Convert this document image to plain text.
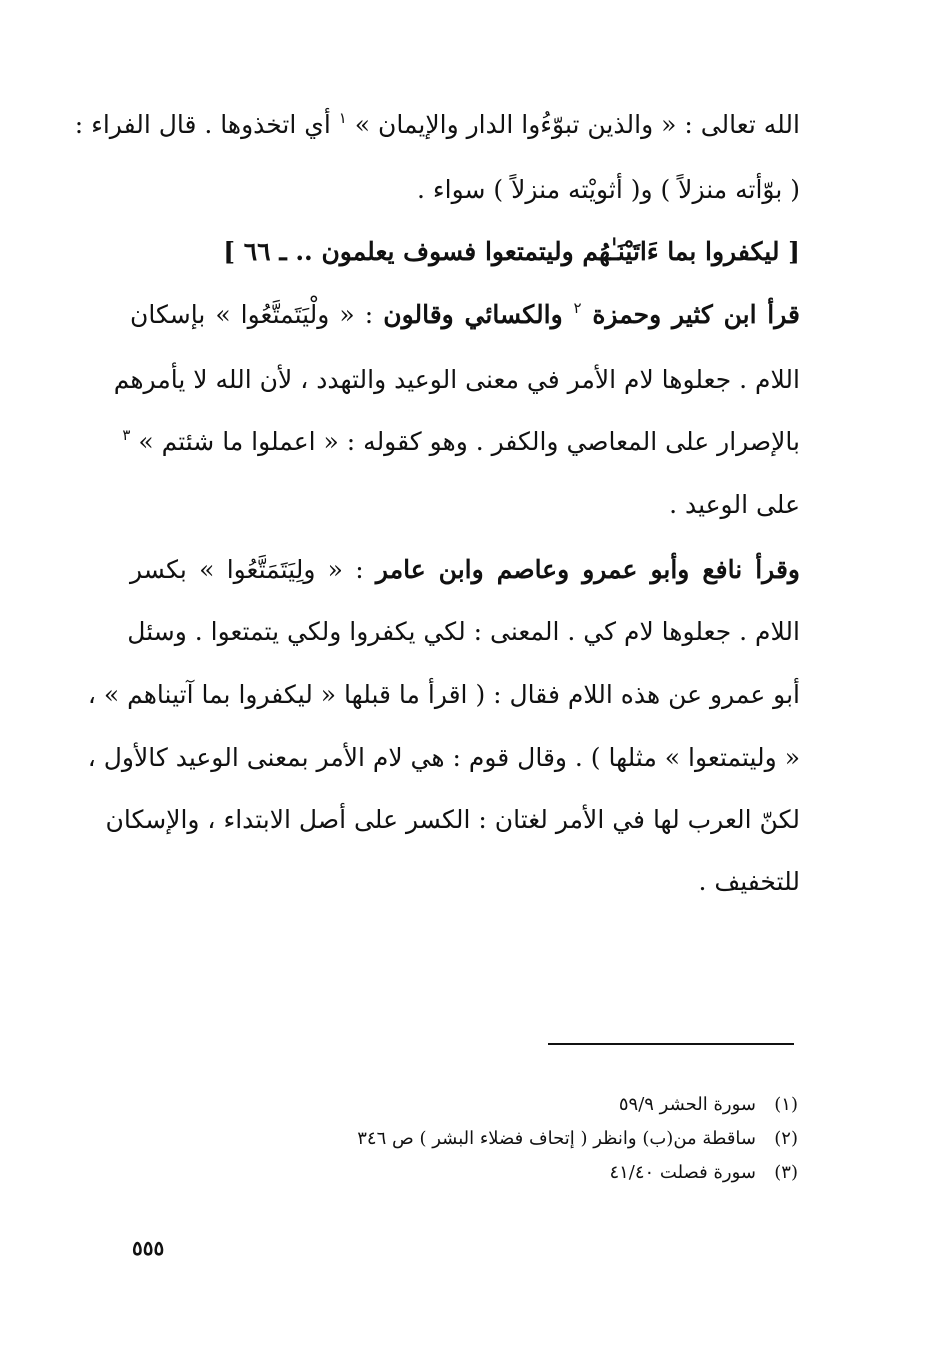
الله تعالى : « والذين تبوّءُوا الدار والإيمان » $^١$ أي اتخذوها . قال الفراء :
( بوّأته منزلاً ) و( أثويْته منزلاً ) سواء .
[ ليكفروا بما ءَاتَيْنَـٰهُم وليتمتعوا فسوف يعلمون .. ـ ٦٦ ]
قرأ ابن كثير وحمزة $^٢$ والكسائي وقالون : « ولْيَتَمتَّعُوا » بإسكان
اللام . جعلوها لام الأمر في معنى الوعيد والتهدد ، لأن الله لا يأمرهم
بالإصرار على المعاصي والكفر . وهو كقوله : « اعملوا ما شئتم » $^٣$
على الوعيد .
وقرأ نافع وأبو عمرو وعاصم وابن عامر : « ولِيَتَمَتَّعُوا » بكسر
اللام . جعلوها لام كي . المعنى : لكي يكفروا ولكي يتمتعوا . وسئل
أبو عمرو عن هذه اللام فقال : ( اقرأ ما قبلها « ليكفروا بما آتيناهم » ،
« وليتمتعوا » مثلها ) . وقال قوم : هي لام الأمر بمعنى الوعيد كالأول ،
لكنّ العرب لها في الأمر لغتان : الكسر على أصل الابتداء ، والإسكان
للتخفيف .
(١)سورة الحشر ٥٩/٩
(٢)ساقطة من(ب) وانظر ( إتحاف فضلاء البشر ) ص ٣٤٦
(٣)سورة فصلت ٤١/٤٠
٥٥٥
